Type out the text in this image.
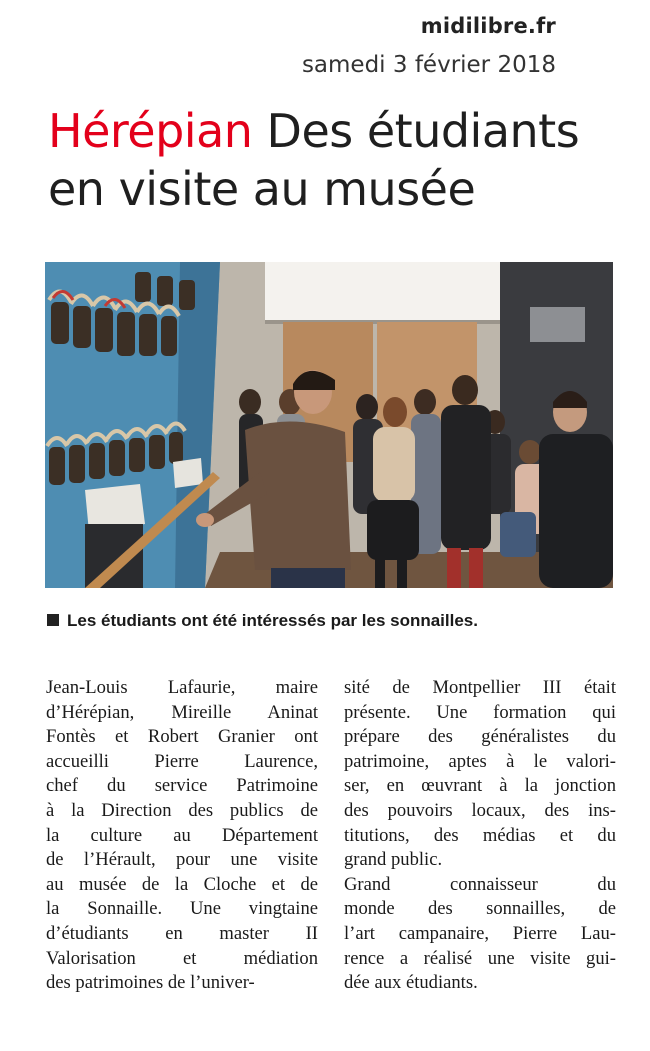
midilibre.fr
samedi 3 février 2018
Hérépian Des étudiants
en visite au musée

Les étudiants ont été intéressés par les sonnailles.

Jean-Louis Lafaurie, maire
d’Hérépian, Mireille Aninat
Fontès et Robert Granier ont
accueilli Pierre Laurence,
chef du service Patrimoine
à la Direction des publics de
la culture au Département
de l’Hérault, pour une visite
au musée de la Cloche et de
la Sonnaille. Une vingtaine
d’étudiants en master II
Valorisation et médiation
des patrimoines de l’univer-
sité de Montpellier III était
présente. Une formation qui
prépare des généralistes du
patrimoine, aptes à le valori-
ser, en œuvrant à la jonction
des pouvoirs locaux, des ins-
titutions, des médias et du
grand public.
Grand connaisseur du
monde des sonnailles, de
l’art campanaire, Pierre Lau-
rence a réalisé une visite gui-
dée aux étudiants.
